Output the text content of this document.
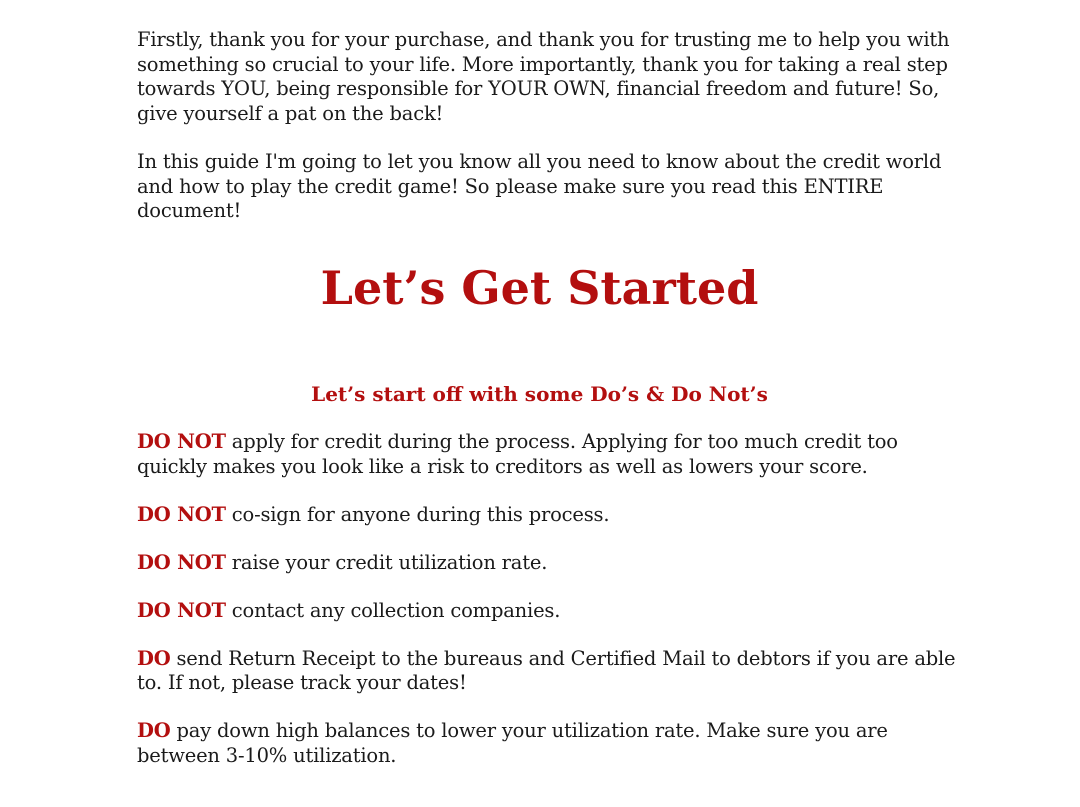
Firstly, thank you for your purchase, and thank you for trusting me to help you with something so crucial to your life. More importantly, thank you for taking a real step towards YOU, being responsible for YOUR OWN, financial freedom and future! So, give yourself a pat on the back!

In this guide I'm going to let you know all you need to know about the credit world and how to play the credit game! So please make sure you read this ENTIRE document!

Let’s Get Started
Let’s start off with some Do’s & Do Not’s

DO NOT apply for credit during the process. Applying for too much credit too quickly makes you look like a risk to creditors as well as lowers your score.

DO NOT co-sign for anyone during this process.

DO NOT raise your credit utilization rate.

DO NOT contact any collection companies.

DO send Return Receipt to the bureaus and Certified Mail to debtors if you are able to. If not, please track your dates!

DO pay down high balances to lower your utilization rate. Make sure you are between 3-10% utilization.
